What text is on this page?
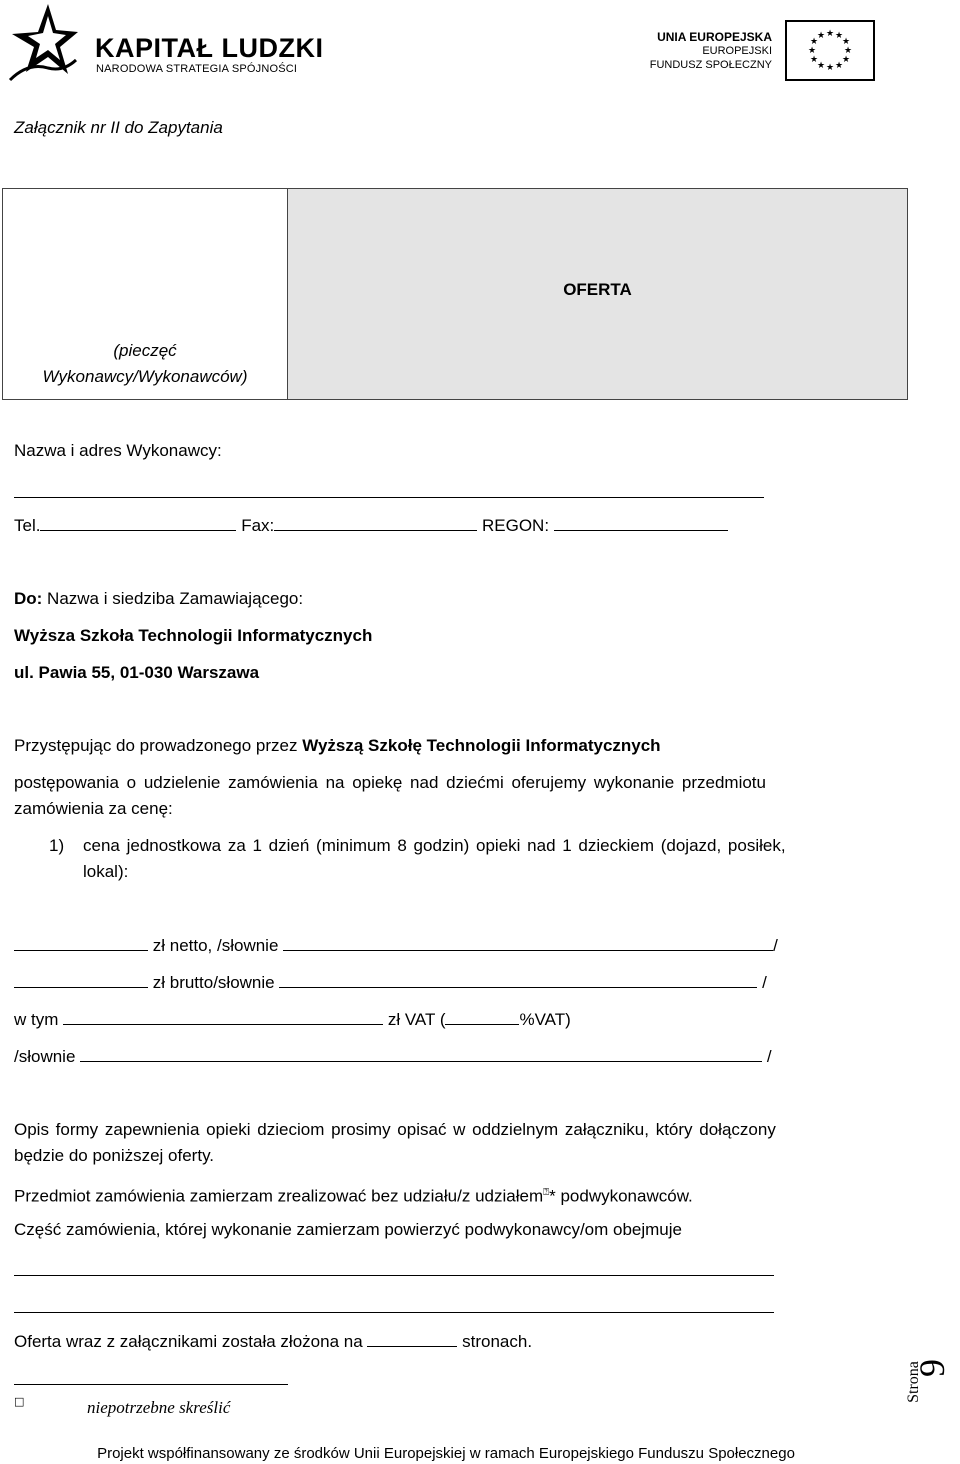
KAPITAŁ LUDZKI
NARODOWA STRATEGIA SPÓJNOŚCI
UNIA EUROPEJSKA
EUROPEJSKI
FUNDUSZ SPOŁECZNY
★ ★
★
★
★
★
★
★
★
★
★
★
Załącznik nr II do Zapytania
(pieczęć
Wykonawcy/Wykonawców)
OFERTA
Nazwa i adres Wykonawcy:
Tel.	Fax:	REGON:
Do: Nazwa i siedziba Zamawiającego:
Wyższa Szkoła Technologii Informatycznych
ul. Pawia 55, 01-030 Warszawa
Przystępując do prowadzonego przez Wyższą Szkołę Technologii Informatycznych
postępowania o udzielenie zamówienia na opiekę nad dziećmi oferujemy wykonanie przedmiotu
zamówienia za cenę:
1) cena jednostkowa za 1 dzień (minimum 8 godzin) opieki nad 1 dzieckiem (dojazd, posiłek,
lokal):
zł netto, /słownie	/
zł brutto/słownie	/
w tym	zł VAT (	%VAT)
/słownie	/
Opis formy zapewnienia opieki dzieciom prosimy opisać w oddzielnym załączniku, który dołączony
będzie do poniższej oferty.
Przedmiot zamówienia zamierzam zrealizować bez udziału/z udziałem⍰* podwykonawców.
Część zamówienia, której wykonanie zamierzam powierzyć podwykonawcy/om obejmuje
Oferta wraz z załącznikami została złożona na	stronach.
□	niepotrzebne skreślić
Strona
9
Projekt współfinansowany ze środków Unii Europejskiej w ramach Europejskiego Funduszu Społecznego
